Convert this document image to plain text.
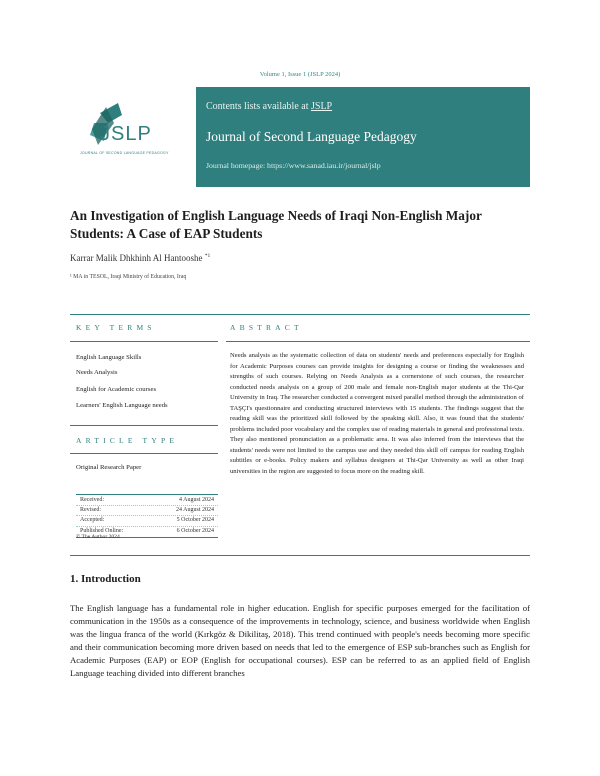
Volume 1, Issue 1 (JSLP 2024)
JSLP
JOURNAL OF SECOND LANGUAGE PEDAGOGY
Contents lists available at JSLP
Journal of Second Language Pedagogy
Journal homepage: https://www.sanad.iau.ir/journal/jslp
An Investigation of English Language Needs of Iraqi Non-English Major Students: A Case of EAP Students
Karrar Malik Dhkhinh Al Hantooshe $^{*1}$
¹ MA in TESOL, Iraqi Ministry of Education, Iraq
KEY TERMS	ABSTRACT
English Language Skills
Needs Analysis
English for Academic courses
Learners' English Language needs
ARTICLE TYPE
Original Research Paper
Received:	4 August 2024
Revised:	24 August 2024
Accepted:	5 October 2024
Published Online:	6 October 2024
© The Author 2024
Needs analysis as the systematic collection of data on students' needs and preferences especially for English for Academic Purposes courses can provide insights for designing a course or finding the weaknesses and strengths of such courses. Relying on Needs Analysis as a cornerstone of such courses, the researcher conducted needs analysis on a group of 200 male and female non-English major students at the Thi-Qar University in Iraq. The researcher conducted a convergent mixed parallel method through the administration of TAŞÇI's questionnaire and conducting structured interviews with 15 students. The findings suggest that the reading skill was the prioritized skill followed by the speaking skill. Also, it was found that the students' problems included poor vocabulary and the complex use of reading materials in general and professional texts. They also mentioned pronunciation as a problematic area. It was also inferred from the interviews that the students' needs were not limited to the campus use and they needed this skill off campus for reading English subtitles or e-books. Policy makers and syllabus designers at Thi-Qar University as well as other Iraqi universities in the region are suggested to focus more on the reading skill.
1. Introduction
The English language has a fundamental role in higher education. English for specific purposes emerged for the facilitation of communication in the 1950s as a consequence of the improvements in technology, science, and business worldwide when English was the lingua franca of the world (Kırkgöz & Dikilitaş, 2018). This trend continued with people's needs becoming more specific and their communication becoming more driven based on needs that led to the emergence of ESP sub-branches such as English for Academic Purposes (EAP) or EOP (English for occupational courses). ESP can be referred to as an applied field of English Language teaching divided into different branches
